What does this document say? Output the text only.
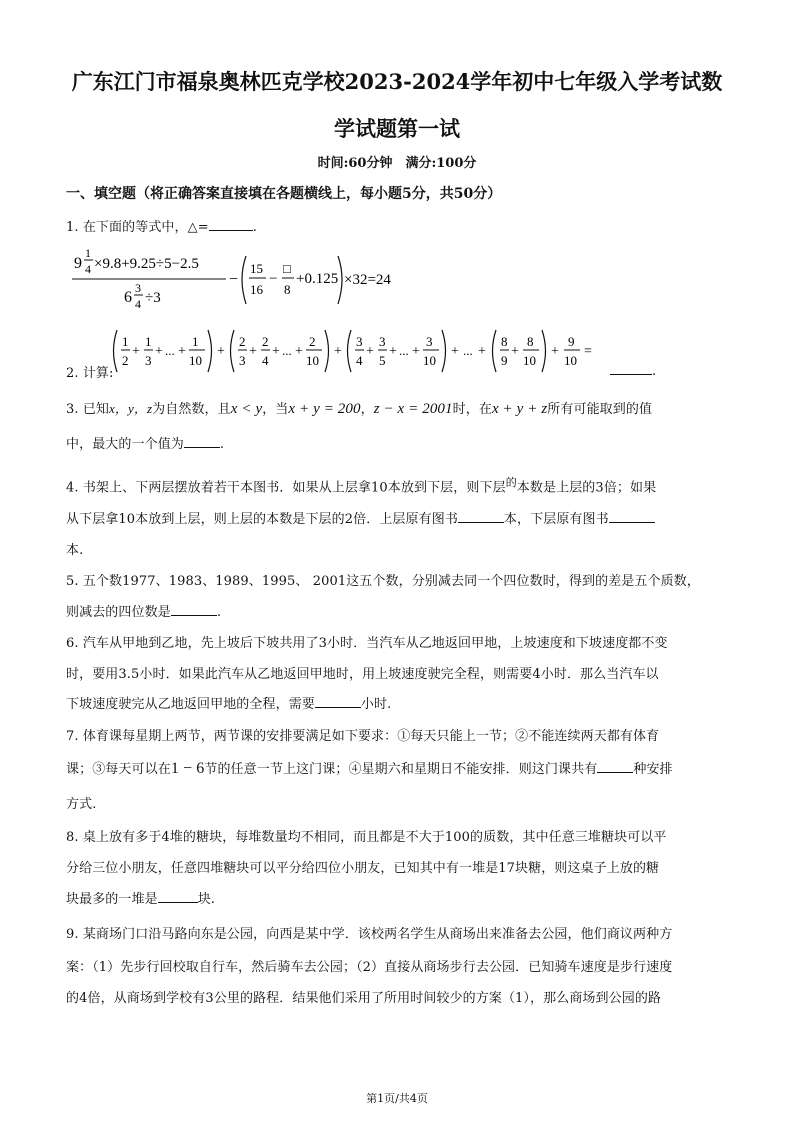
广东江门市福泉奥林匹克学校2023-2024学年初中七年级入学考试数
学试题第一试
时间:60分钟　满分:100分
一、填空题（将正确答案直接填在各题横线上，每小题5分，共50分）
1. 在下面的等式中，△=	.
9
1
4 ×9.8+9.25÷5−2.5
6
3
4 ÷3
−
15
16
−
□
8
+0.125 ×32=24
2. 计算:
1
2
+
1
3
+ ... +
1
10
+
2
3
+
2
4
+ ... +
2
10
+
3
4
+
3
5
+ ... +
3
10
+ ... +
8
9
+
8
10
+
9
10
=
.
3. 已知x，y，z为自然数，且x < y，当x + y = 200，z − x = 2001时，在x + y + z所有可能取到的值
中，最大的一个值为	.
4. 书架上、下两层摆放着若干本图书．如果从上层拿10本放到下层，则下层$^的$本数是上层的3倍；如果
从下层拿10本放到上层，则上层的本数是下层的2倍．上层原有图书	本，下层原有图书
本.
5. 五个数1977、1983、1989、1995、 2001这五个数，分别减去同一个四位数时，得到的差是五个质数，
则减去的四位数是	.
6. 汽车从甲地到乙地，先上坡后下坡共用了3小时．当汽车从乙地返回甲地，上坡速度和下坡速度都不变
时，要用3.5小时．如果此汽车从乙地返回甲地时，用上坡速度驶完全程，则需要4小时．那么当汽车以
下坡速度驶完从乙地返回甲地的全程，需要	小时.
7. 体育课每星期上两节，两节课的安排要满足如下要求：①每天只能上一节；②不能连续两天都有体育
课；③每天可以在1 − 6节的任意一节上这门课；④星期六和星期日不能安排．则这门课共有	种安排
方式.
8. 桌上放有多于4堆的糖块，每堆数量均不相同，而且都是不大于100的质数，其中任意三堆糖块可以平
分给三位小朋友，任意四堆糖块可以平分给四位小朋友，已知其中有一堆是17块糖，则这桌子上放的糖
块最多的一堆是	块.
9. 某商场门口沿马路向东是公园，向西是某中学．该校两名学生从商场出来准备去公园，他们商议两种方
案：（1）先步行回校取自行车，然后骑车去公园；（2）直接从商场步行去公园．已知骑车速度是步行速度
的4倍，从商场到学校有3公里的路程．结果他们采用了所用时间较少的方案（1），那么商场到公园的路
第1页/共4页
